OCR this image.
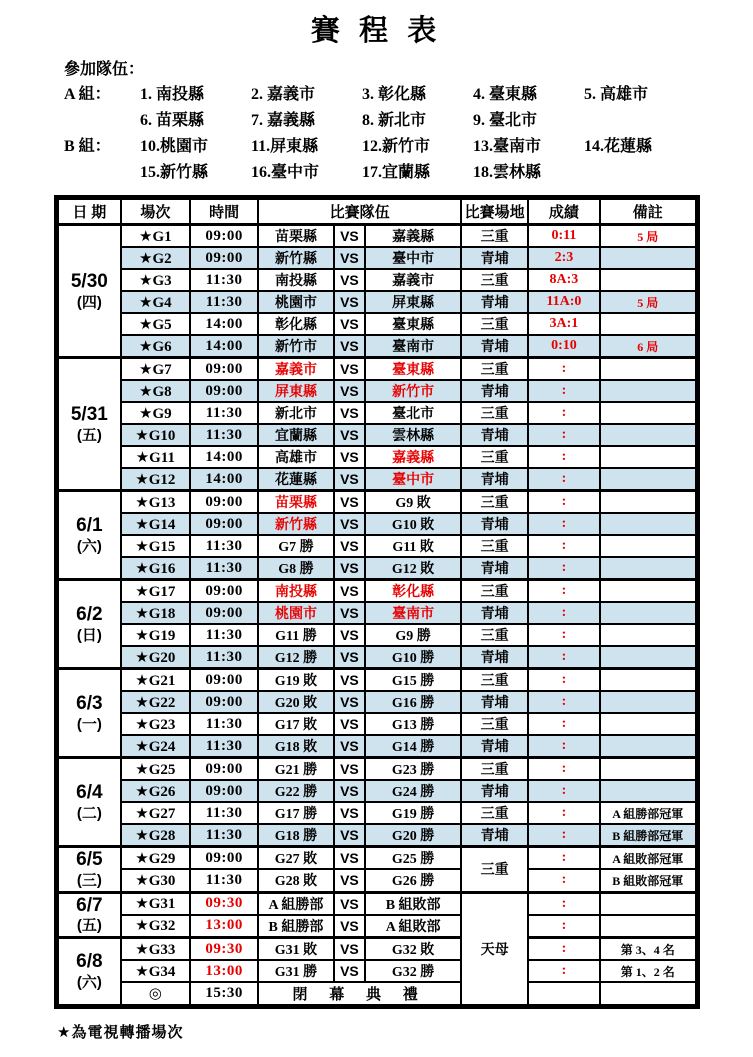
賽 程 表
參加隊伍：
A 組：	1. 南投縣	2. 嘉義市	3. 彰化縣	4. 臺東縣	5. 高雄市
6. 苗栗縣	7. 嘉義縣	8. 新北市	9. 臺北市
B 組：	10.桃園市	11.屏東縣	12.新竹市	13.臺南市	14.花蓮縣
15.新竹縣	16.臺中市	17.宜蘭縣	18.雲林縣
日 期	場次	時間	比賽隊伍			比賽場地	成績	備註

5/30
(四)	★G1	09:00	苗栗縣	VS	嘉義縣	三重	0:11	5 局
	★G2	09:00	新竹縣	VS	臺中市	青埔	2:3	
	★G3	11:30	南投縣	VS	嘉義市	三重	8A:3	
	★G4	11:30	桃園市	VS	屏東縣	青埔	11A:0	5 局
	★G5	14:00	彰化縣	VS	臺東縣	三重	3A:1	
	★G6	14:00	新竹市	VS	臺南市	青埔	0:10	6 局

5/31
(五)	★G7	09:00	嘉義市	VS	臺東縣	三重	:	
	★G8	09:00	屏東縣	VS	新竹市	青埔	:	
	★G9	11:30	新北市	VS	臺北市	三重	:	
	★G10	11:30	宜蘭縣	VS	雲林縣	青埔	:	
	★G11	14:00	高雄市	VS	嘉義縣	三重	:	
	★G12	14:00	花蓮縣	VS	臺中市	青埔	:	

6/1
(六)	★G13	09:00	苗栗縣	VS	G9 敗	三重	:	
	★G14	09:00	新竹縣	VS	G10 敗	青埔	:	
	★G15	11:30	G7 勝	VS	G11 敗	三重	:	
	★G16	11:30	G8 勝	VS	G12 敗	青埔	:	

6/2
(日)	★G17	09:00	南投縣	VS	彰化縣	三重	:	
	★G18	09:00	桃園市	VS	臺南市	青埔	:	
	★G19	11:30	G11 勝	VS	G9 勝	三重	:	
	★G20	11:30	G12 勝	VS	G10 勝	青埔	:	

6/3
(一)	★G21	09:00	G19 敗	VS	G15 勝	三重	:	
	★G22	09:00	G20 敗	VS	G16 勝	青埔	:	
	★G23	11:30	G17 敗	VS	G13 勝	三重	:	
	★G24	11:30	G18 敗	VS	G14 勝	青埔	:	

6/4
(二)	★G25	09:00	G21 勝	VS	G23 勝	三重	:	
	★G26	09:00	G22 勝	VS	G24 勝	青埔	:	
	★G27	11:30	G17 勝	VS	G19 勝	三重	:	A 組勝部冠軍
	★G28	11:30	G18 勝	VS	G20 勝	青埔	:	B 組勝部冠軍

6/5
(三)	★G29	09:00	G27 敗	VS	G25 勝	三重	:	A 組敗部冠軍
	★G30	11:30	G28 敗	VS	G26 勝		:	B 組敗部冠軍

6/7
(五)	★G31	09:30	A 組勝部	VS	B 組敗部	天母	:	
	★G32	13:00	B 組勝部	VS	A 組敗部		:	

6/8
(六)	★G33	09:30	G31 敗	VS	G32 敗		:	第 3、4 名
	★G34	13:00	G31 勝	VS	G32 勝		:	第 1、2 名
	◎	15:30	閉 幕 典 禮					
★為電視轉播場次
